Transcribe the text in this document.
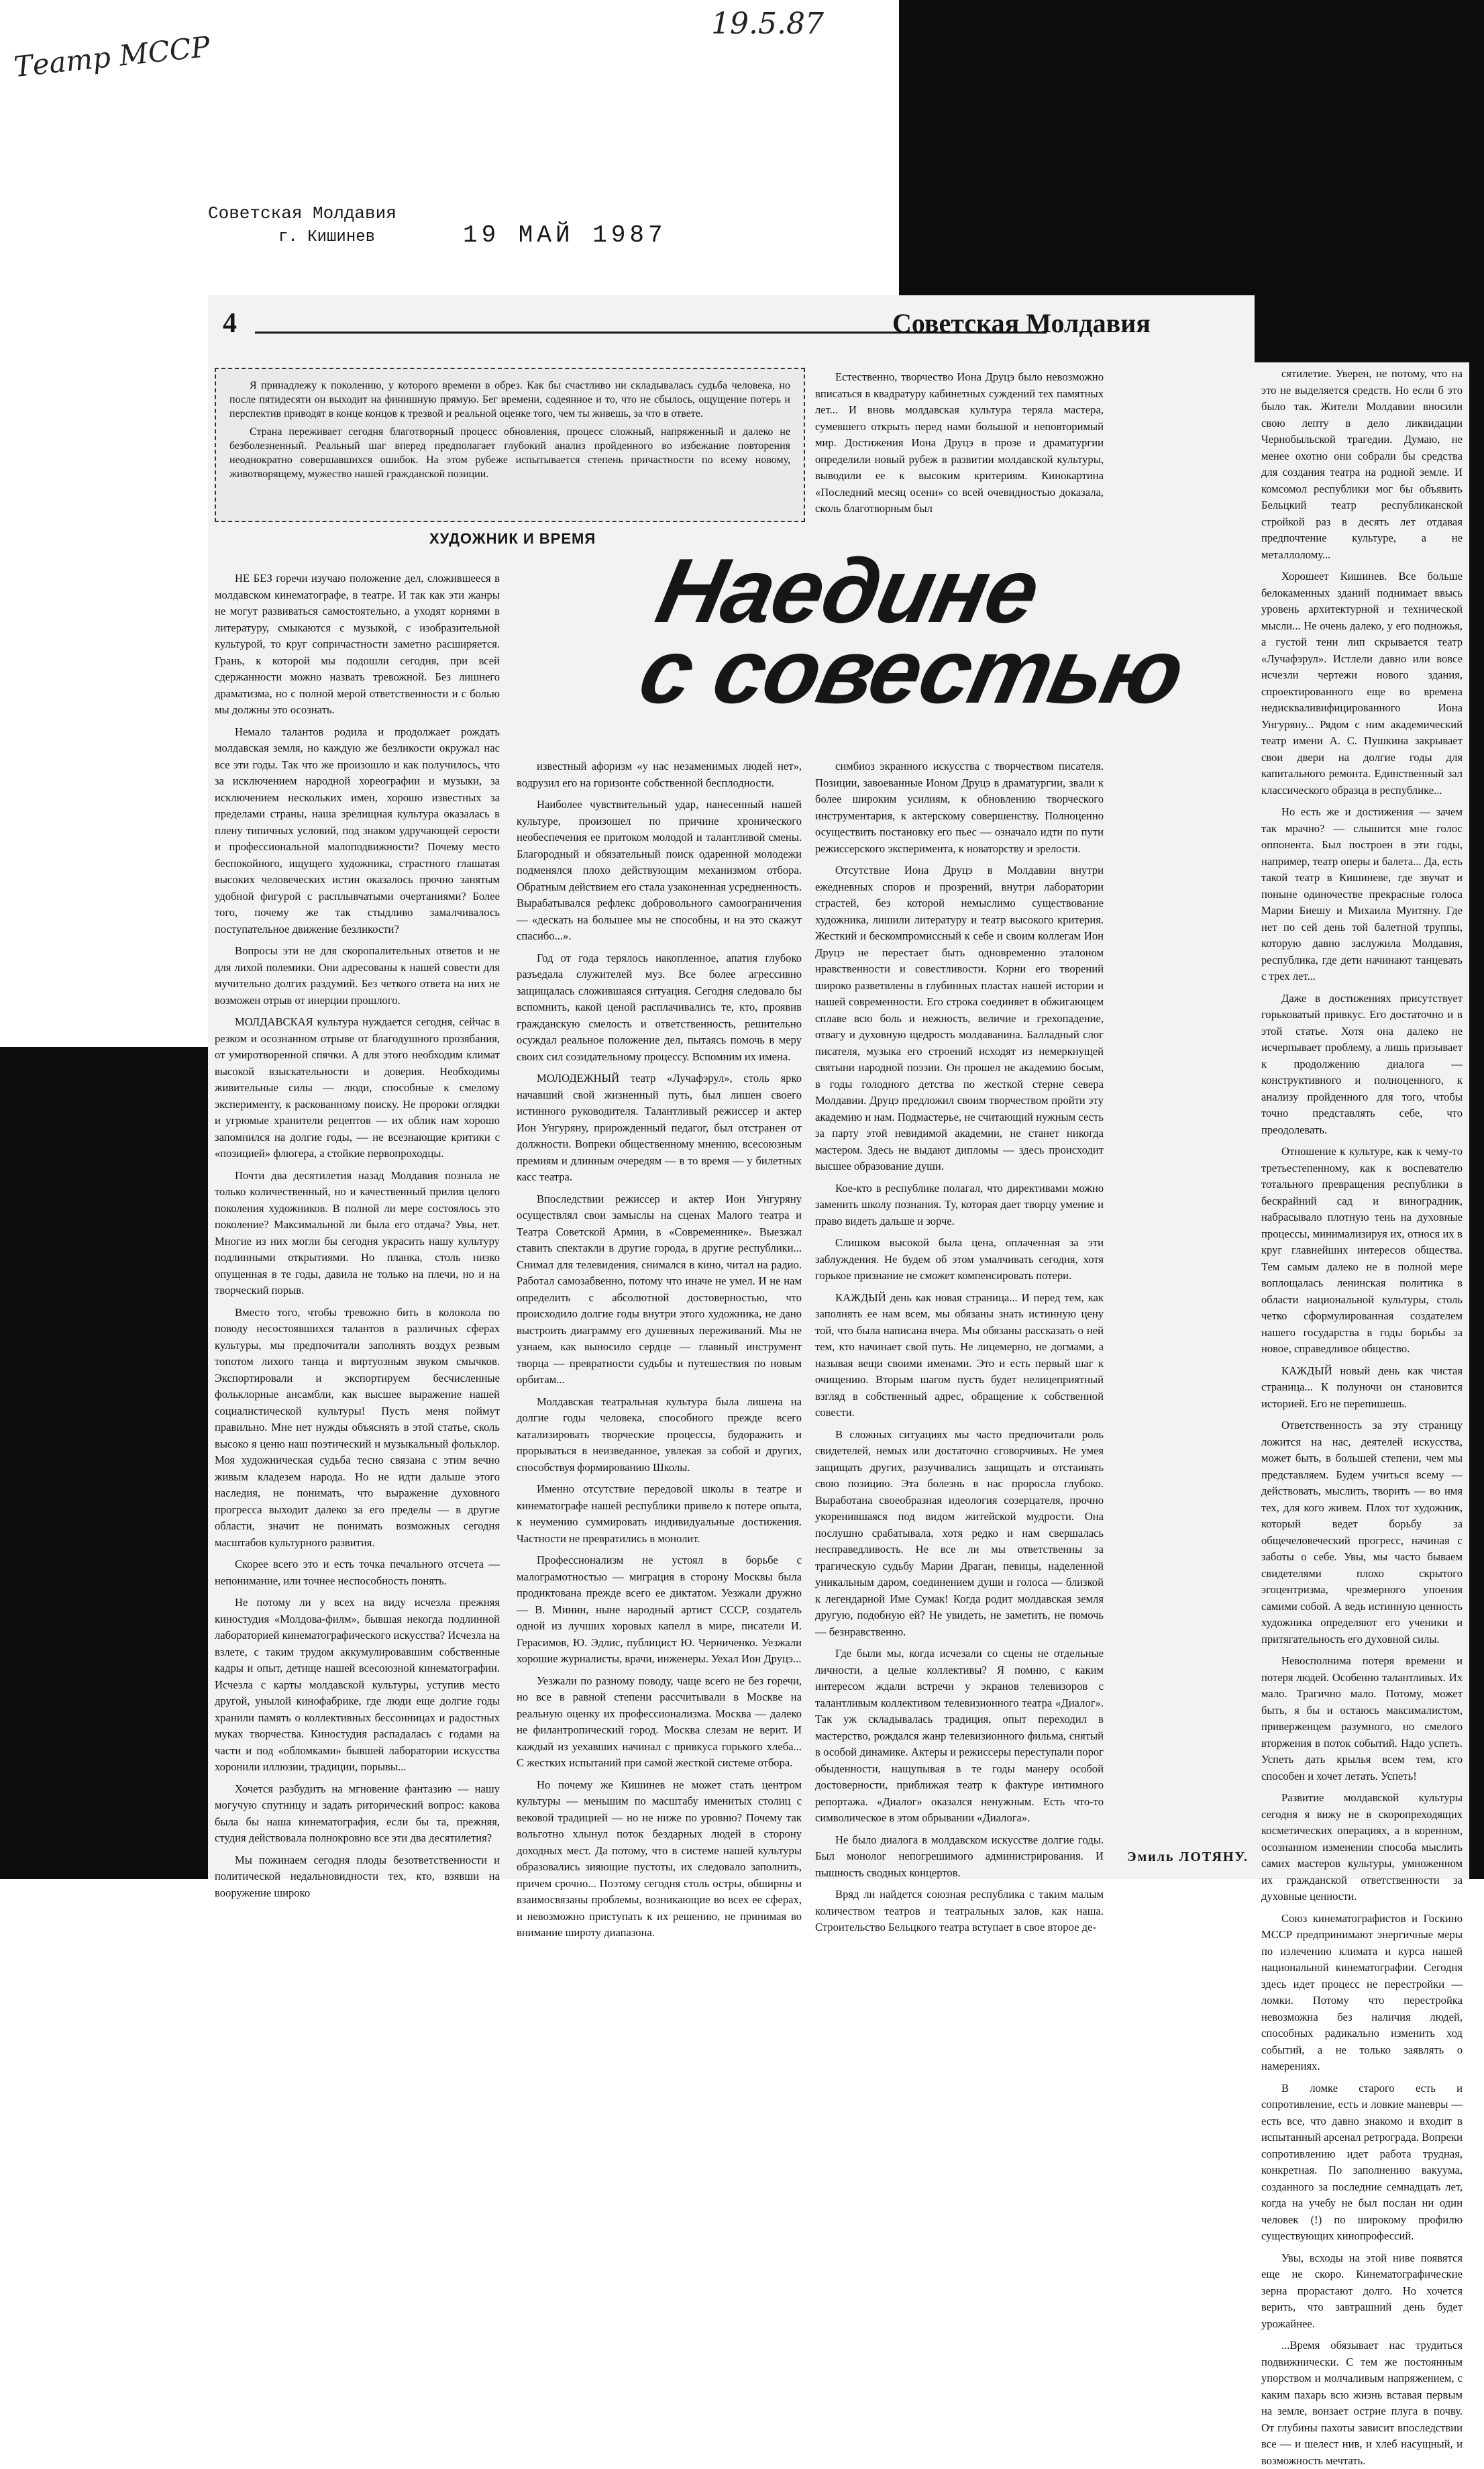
Театр МССР
19.5.87
Советская Молдавия
г. Кишинев	19 МАЙ 1987
4	Советская Молдавия

Я принадлежу к поколению, у которого времени в обрез. Как бы счастливо ни складывалась судьба человека, но после пятидесяти он выходит на финишную прямую. Бег времени, содеянное и то, что не сбылось, ощущение потерь и перспектив приводят в конце концов к трезвой и реальной оценке того, чем ты живешь, за что в ответе.

Страна переживает сегодня благотворный процесс обновления, процесс сложный, напряженный и далеко не безболезненный. Реальный шаг вперед предполагает глубокий анализ пройденного во избежание повторения неоднократно совершавшихся ошибок. На этом рубеже испытывается степень причастности по всему новому, животворящему, мужество нашей гражданской позиции.

ХУДОЖНИК И ВРЕМЯ
Наедине
с совестью

НЕ БЕЗ горечи изучаю положение дел, сложившееся в молдавском кинематографе, в театре. И так как эти жанры не могут развиваться самостоятельно, а уходят корнями в литературу, смыкаются с музыкой, с изобразительной культурой, то круг сопричастности заметно расширяется. Грань, к которой мы подошли сегодня, при всей сдержанности можно назвать тревожной. Без лишнего драматизма, но с полной мерой ответственности и с болью мы должны это осознать.

Немало талантов родила и продолжает рождать молдавская земля, но каждую же безликости окружал нас все эти годы. Так что же произошло и как получилось, что за исключением народной хореографии и музыки, за исключением нескольких имен, хорошо известных за пределами страны, наша зрелищная культура оказалась в плену типичных условий, под знаком удручающей серости и профессиональной малоподвижности? Почему место беспокойного, ищущего художника, страстного глашатая высоких человеческих истин оказалось прочно занятым удобной фигурой с расплывчатыми очертаниями? Более того, почему же так стыдливо замалчивалось поступательное движение безликости?

Вопросы эти не для скоропалительных ответов и не для лихой полемики. Они адресованы к нашей совести для мучительно долгих раздумий. Без четкого ответа на них не возможен отрыв от инерции прошлого.

МОЛДАВСКАЯ культура нуждается сегодня, сейчас в резком и осознанном отрыве от благодушного прозябания, от умиротворенной спячки. А для этого необходим климат высокой взыскательности и доверия. Необходимы живительные силы — люди, способные к смелому эксперименту, к раскованному поиску. Не пророки оглядки и угрюмые хранители рецептов — их облик нам хорошо запомнился на долгие годы, — не всезнающие критики с «позицией» флюгера, а стойкие первопроходцы.

Почти два десятилетия назад Молдавия познала не только количественный, но и качественный прилив целого поколения художников. В полной ли мере состоялось это поколение? Максимальной ли была его отдача? Увы, нет. Многие из них могли бы сегодня украсить нашу культуру подлинными открытиями. Но планка, столь низко опущенная в те годы, давила не только на плечи, но и на творческий порыв.

Вместо того, чтобы тревожно бить в колокола по поводу несостоявшихся талантов в различных сферах культуры, мы предпочитали заполнять воздух резвым топотом лихого танца и виртуозным звуком смычков. Экспортировали и экспортируем бесчисленные фольклорные ансамбли, как высшее выражение нашей социалистической культуры! Пусть меня поймут правильно. Мне нет нужды объяснять в этой статье, сколь высоко я ценю наш поэтический и музыкальный фольклор. Моя художническая судьба тесно связана с этим вечно живым кладезем народа. Но не идти дальше этого наследия, не понимать, что выражение духовного прогресса выходит далеко за его пределы — в другие области, значит не понимать возможных сегодня масштабов культурного развития.

Скорее всего это и есть точка печального отсчета — непонимание, или точнее неспособность понять.

Не потому ли у всех на виду исчезла прежняя киностудия «Молдова-филм», бывшая некогда подлинной лабораторией кинематографического искусства? Исчезла на взлете, с таким трудом аккумулировавшим собственные кадры и опыт, детище нашей всесоюзной кинематографии. Исчезла с карты молдавской культуры, уступив место другой, унылой кинофабрике, где люди еще долгие годы хранили память о коллективных бессонницах и радостных муках творчества. Киностудия распадалась с годами на части и под «обломками» бывшей лаборатории искусства хоронили иллюзии, традиции, порывы...

Хочется разбудить на мгновение фантазию — нашу могучую спутницу и задать риторический вопрос: какова была бы наша кинематография, если бы та, прежняя, студия действовала полнокровно все эти два десятилетия?

Мы пожинаем сегодня плоды безответственности и политической недальновидности тех, кто, взявши на вооружение широко

известный афоризм «у нас незаменимых людей нет», водрузил его на горизонте собственной бесплодности.

Наиболее чувствительный удар, нанесенный нашей культуре, произошел по причине хронического необеспечения ее притоком молодой и талантливой смены. Благородный и обязательный поиск одаренной молодежи подменялся плохо действующим механизмом отбора. Обратным действием его стала узаконенная усредненность. Вырабатывался рефлекс добровольного самоограничения — «дескать на большее мы не способны, и на это скажут спасибо...».

Год от года терялось накопленное, апатия глубоко разъедала служителей муз. Все более агрессивно защищалась сложившаяся ситуация. Сегодня следовало бы вспомнить, какой ценой расплачивались те, кто, проявив гражданскую смелость и ответственность, решительно осуждал реальное положение дел, пытаясь помочь в меру своих сил созидательному процессу. Вспомним их имена.

МОЛОДЕЖНЫЙ театр «Лучафэрул», столь ярко начавший свой жизненный путь, был лишен своего истинного руководителя. Талантливый режиссер и актер Ион Унгуряну, прирожденный педагог, был отстранен от должности. Вопреки общественному мнению, всесоюзным премиям и длинным очередям — в то время — у билетных касс театра.

Впоследствии режиссер и актер Ион Унгуряну осуществлял свои замыслы на сценах Малого театра и Театра Советской Армии, в «Современнике». Выезжал ставить спектакли в другие города, в другие республики... Снимал для телевидения, снимался в кино, читал на радио. Работал самозабвенно, потому что иначе не умел. И не нам определить с абсолютной достоверностью, что происходило долгие годы внутри этого художника, не дано выстроить диаграмму его душевных переживаний. Мы не узнаем, как выносило сердце — главный инструмент творца — превратности судьбы и путешествия по новым орбитам...

Молдавская театральная культура была лишена на долгие годы человека, способного прежде всего катализировать творческие процессы, будоражить и прорываться в неизведанное, увлекая за собой и других, способствуя формированию Школы.

Именно отсутствие передовой школы в театре и кинематографе нашей республики привело к потере опыта, к неумению суммировать индивидуальные достижения. Частности не превратились в монолит.

Профессионализм не устоял в борьбе с малограмотностью — миграция в сторону Москвы была продиктована прежде всего ее диктатом. Уезжали дружно — В. Минин, ныне народный артист СССР, создатель одной из лучших хоровых капелл в мире, писатели И. Герасимов, Ю. Эдлис, публицист Ю. Черниченко. Уезжали хорошие журналисты, врачи, инженеры. Уехал Ион Друцэ...

Уезжали по разному поводу, чаще всего не без горечи, но все в равной степени рассчитывали в Москве на реальную оценку их профессионализма. Москва — далеко не филантропический город. Москва слезам не верит. И каждый из уехавших начинал с привкуса горького хлеба... С жестких испытаний при самой жесткой системе отбора.

Но почему же Кишинев не может стать центром культуры — меньшим по масштабу именитых столиц с вековой традицией — но не ниже по уровню? Почему так вольготно хлынул поток бездарных людей в сторону доходных мест. Да потому, что в системе нашей культуры образовались зияющие пустоты, их следовало заполнить, причем срочно... Поэтому сегодня столь остры, обширны и взаимосвязаны проблемы, возникающие во всех ее сферах, и невозможно приступать к их решению, не принимая во внимание широту диапазона.

Естественно, творчество Иона Друцэ было невозможно вписаться в квадратуру кабинетных суждений тех памятных лет... И вновь молдавская культура теряла мастера, сумевшего открыть перед нами большой и неповторимый мир. Достижения Иона Друцэ в прозе и драматургии определили новый рубеж в развитии молдавской культуры, выводили ее к высоким критериям. Кинокартина «Последний месяц осени» со всей очевидностью доказала, сколь благотворным был

симбиоз экранного искусства с творчеством писателя. Позиции, завоеванные Ионом Друцэ в драматургии, звали к более широким усилиям, к обновлению творческого инструментария, к актерскому совершенству. Полноценно осуществить постановку его пьес — означало идти по пути режиссерского эксперимента, к новаторству и зрелости.

Отсутствие Иона Друцэ в Молдавии внутри ежедневных споров и прозрений, внутри лаборатории страстей, без которой немыслимо существование художника, лишили литературу и театр высокого критерия. Жесткий и бескомпромиссный к себе и своим коллегам Ион Друцэ не перестает быть одновременно эталоном нравственности и совестливости. Корни его творений широко разветвлены в глубинных пластах нашей истории и нашей современности. Его строка соединяет в обжигающем сплаве всю боль и нежность, величие и грехопадение, отвагу и духовную щедрость молдаванина. Балладный слог писателя, музыка его строений исходят из немеркнущей святыни народной поэзии. Он прошел не академию босым, в годы голодного детства по жесткой стерне севера Молдавии. Друцэ предложил своим творчеством пройти эту академию и нам. Подмастерье, не считающий нужным сесть за парту этой невидимой академии, не станет никогда мастером. Здесь не выдают дипломы — здесь происходит высшее образование души.

Кое-кто в республике полагал, что директивами можно заменить школу познания. Ту, которая дает творцу умение и право видеть дальше и зорче.

Слишком высокой была цена, оплаченная за эти заблуждения. Не будем об этом умалчивать сегодня, хотя горькое признание не сможет компенсировать потери.

КАЖДЫЙ день как новая страница... И перед тем, как заполнять ее нам всем, мы обязаны знать истинную цену той, что была написана вчера. Мы обязаны рассказать о ней тем, кто начинает свой путь. Не лицемерно, не догмами, а называя вещи своими именами. Это и есть первый шаг к очищению. Вторым шагом пусть будет нелицеприятный взгляд в собственный адрес, обращение к собственной совести.

В сложных ситуациях мы часто предпочитали роль свидетелей, немых или достаточно сговорчивых. Не умея защищать других, разучивались защищать и отстаивать свою позицию. Эта болезнь в нас проросла глубоко. Выработана своеобразная идеология созерцателя, прочно укоренившаяся под видом житейской мудрости. Она послушно срабатывала, хотя редко и нам свершалась несправедливость. Не все ли мы ответственны за трагическую судьбу Марии Драган, певицы, наделенной уникальным даром, соединением души и голоса — близкой к легендарной Име Сумак! Когда родит молдавская земля другую, подобную ей? Не увидеть, не заметить, не помочь — безнравственно.

Где были мы, когда исчезали со сцены не отдельные личности, а целые коллективы? Я помню, с каким интересом ждали встречи у экранов телевизоров с талантливым коллективом телевизионного театра «Диалог». Так уж складывалась традиция, опыт переходил в мастерство, рождался жанр телевизионного фильма, снятый в особой динамике. Актеры и режиссеры переступали порог обыденности, нащупывая в те годы манеру особой достоверности, приближая театр к фактуре интимного репортажа. «Диалог» оказался ненужным. Есть что-то символическое в этом обрывании «Диалога».

Не было диалога в молдавском искусстве долгие годы. Был монолог непогрешимого администрирования. И пышность сводных концертов.

Вряд ли найдется союзная республика с таким малым количеством театров и театральных залов, как наша. Строительство Бельцкого театра вступает в свое второе де-

сятилетие. Уверен, не потому, что на это не выделяется средств. Но если б это было так. Жители Молдавии вносили свою лепту в дело ликвидации Чернобыльской трагедии. Думаю, не менее охотно они собрали бы средства для создания театра на родной земле. И комсомол республики мог бы объявить Бельцкий театр республиканской стройкой раз в десять лет отдавая предпочтение культуре, а не металлолому...

Хорошеет Кишинев. Все больше белокаменных зданий поднимает ввысь уровень архитектурной и технической мысли... Не очень далеко, у его подножья, а густой тени лип скрывается театр «Лучафэрул». Истлели давно или вовсе исчезли чертежи нового здания, спроектированного еще во времена недискваливифицированного Иона Унгуряну... Рядом с ним академический театр имени А. С. Пушкина закрывает свои двери на долгие годы для капитального ремонта. Единственный зал классического образца в республике...

Но есть же и достижения — зачем так мрачно? — слышится мне голос оппонента. Был построен в эти годы, например, театр оперы и балета... Да, есть такой театр в Кишиневе, где звучат и поныне одиночестве прекрасные голоса Марии Биешу и Михаила Мунтяну. Где нет по сей день той балетной труппы, которую давно заслужила Молдавия, республика, где дети начинают танцевать с трех лет...

Даже в достижениях присутствует горьковатый привкус. Его достаточно и в этой статье. Хотя она далеко не исчерпывает проблему, а лишь призывает к продолжению диалога — конструктивного и полноценного, к анализу пройденного для того, чтобы точно представлять себе, что преодолевать.

Отношение к культуре, как к чему-то третьестепенному, как к воспевателю тотального превращения республики в бескрайний сад и виноградник, набрасывало плотную тень на духовные процессы, минимализируя их, относя их в круг главнейших интересов общества. Тем самым далеко не в полной мере воплощалась ленинская политика в области национальной культуры, столь четко сформулированная создателем нашего государства в годы борьбы за новое, справедливое общество.

КАЖДЫЙ новый день как чистая страница... К полуночи он становится историей. Его не перепишешь.

Ответственность за эту страницу ложится на нас, деятелей искусства, может быть, в большей степени, чем мы представляем. Будем учиться всему — действовать, мыслить, творить — во имя тех, для кого живем. Плох тот художник, который ведет борьбу за общечеловеческий прогресс, начиная с заботы о себе. Увы, мы часто бываем свидетелями плохо скрытого эгоцентризма, чрезмерного упоения самими собой. А ведь истинную ценность художника определяют его ученики и притягательность его духовной силы.

Невосполнима потеря времени и потеря людей. Особенно талантливых. Их мало. Трагично мало. Потому, может быть, я бы и остаюсь максималистом, приверженцем разумного, но смелого вторжения в поток событий. Надо успеть. Успеть дать крылья всем тем, кто способен и хочет летать. Успеть!

Развитие молдавской культуры сегодня я вижу не в скоропреходящих косметических операциях, а в коренном, осознанном изменении способа мыслить самих мастеров культуры, умноженном их гражданской ответственности за духовные ценности.

Союз кинематографистов и Госкино МССР предпринимают энергичные меры по излечению климата и курса нашей национальной кинематографии. Сегодня здесь идет процесс не перестройки — ломки. Потому что перестройка невозможна без наличия людей, способных радикально изменить ход событий, а не только заявлять о намерениях.

В ломке старого есть и сопротивление, есть и ловкие маневры — есть все, что давно знакомо и входит в испытанный арсенал ретрограда. Вопреки сопротивлению идет работа трудная, конкретная. По заполнению вакуума, созданного за последние семнадцать лет, когда на учебу не был послан ни один человек (!) по широкому профилю существующих кинопрофессий.

Увы, всходы на этой ниве появятся еще не скоро. Кинематографические зерна прорастают долго. Но хочется верить, что завтрашний день будет урожайнее.

...Время обязывает нас трудиться подвижнически. С тем же постоянным упорством и молчаливым напряжением, с каким пахарь всю жизнь вставая первым на земле, вонзает острие плуга в почву. От глубины пахоты зависит впоследствии все — и шелест нив, и хлеб насущный, и возможность мечтать.

Эмиль ЛОТЯНУ.
